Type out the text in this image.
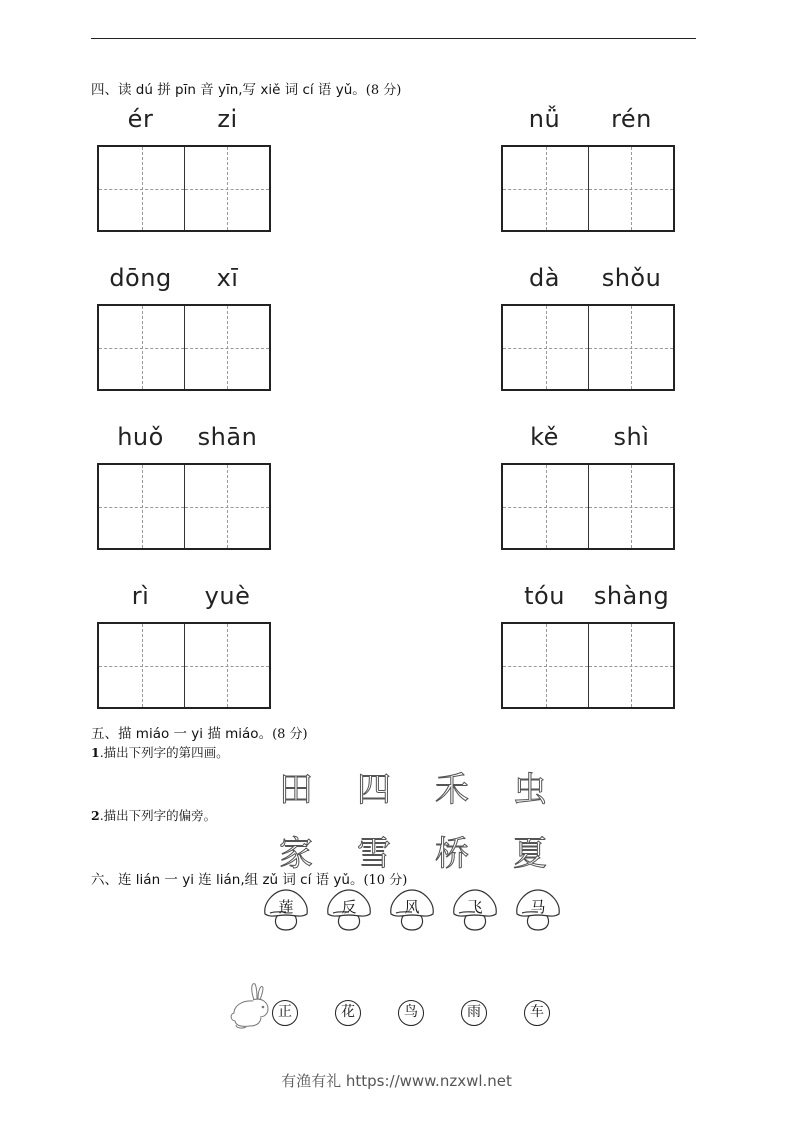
四、读 dú 拼 pīn 音 yīn,写 xiě 词 cí 语 yǔ。(8 分)
ér	zi	nǚ	rén
dōng	xī	dà	shǒu
huǒ	shān	kě	shì
rì	yuè	tóu	shàng
五、描 miáo 一 yi 描 miáo。(8 分)
1.描出下列字的第四画。
田	四	禾	虫
2.描出下列字的偏旁。
家	雪	桥	夏
六、连 lián 一 yi 连 lián,组 zǔ 词 cí 语 yǔ。(10 分)
莲	反	风	飞	马
正	花	鸟	雨	车
有渔有礼 https://www.nzxwl.net
